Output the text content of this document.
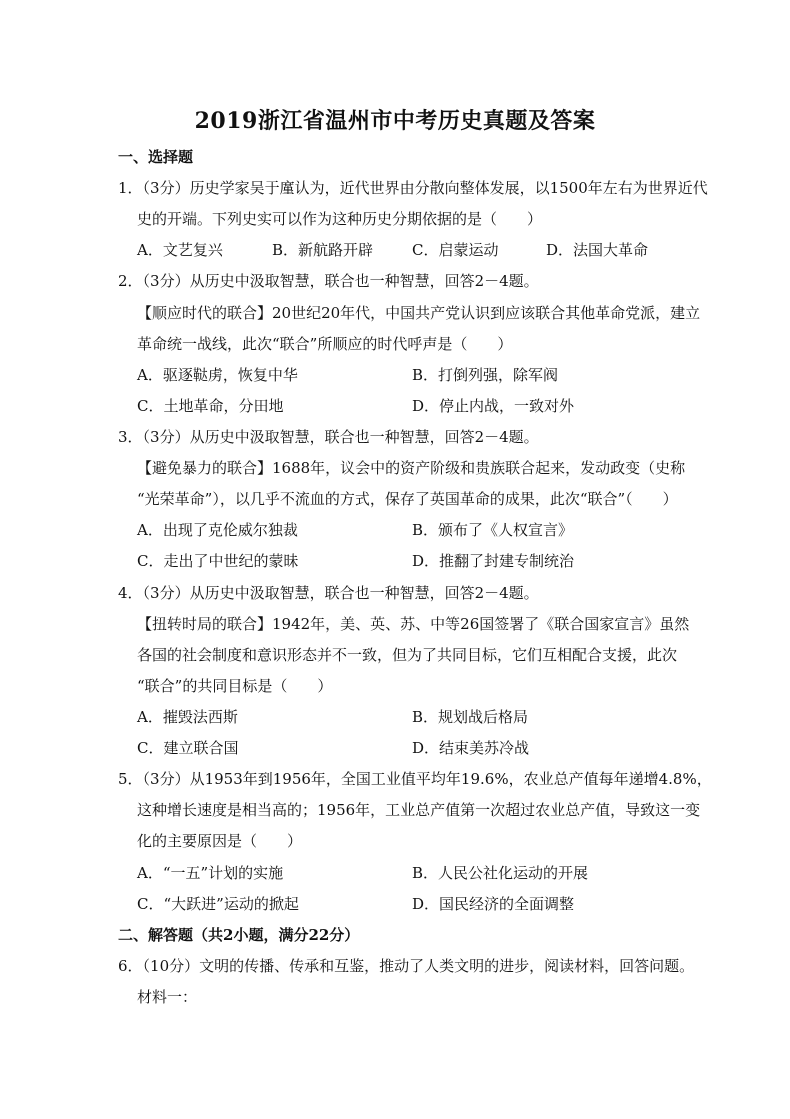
2019浙江省温州市中考历史真题及答案
一、选择题
1．（3分）历史学家吴于廑认为，近代世界由分散向整体发展，以1500年左右为世界近代
史的开端。下列史实可以作为这种历史分期依据的是（　　）
A．文艺复兴	B．新航路开辟	C．启蒙运动	D．法国大革命
2．（3分）从历史中汲取智慧，联合也一种智慧，回答2－4题。
【顺应时代的联合】20世纪20年代，中国共产党认识到应该联合其他革命党派，建立
革命统一战线，此次“联合”所顺应的时代呼声是（　　）
A．驱逐鞑虏，恢复中华	B．打倒列强，除军阀
C．土地革命，分田地	D．停止内战，一致对外
3．（3分）从历史中汲取智慧，联合也一种智慧，回答2－4题。
【避免暴力的联合】1688年，议会中的资产阶级和贵族联合起来，发动政变（史称
“光荣革命”），以几乎不流血的方式，保存了英国革命的成果，此次“联合”（　　）
A．出现了克伦威尔独裁	B．颁布了《人权宣言》
C．走出了中世纪的蒙昧	D．推翻了封建专制统治
4．（3分）从历史中汲取智慧，联合也一种智慧，回答2－4题。
【扭转时局的联合】1942年，美、英、苏、中等26国签署了《联合国家宣言》虽然
各国的社会制度和意识形态并不一致，但为了共同目标，它们互相配合支援，此次
“联合”的共同目标是（　　）
A．摧毁法西斯	B．规划战后格局
C．建立联合国	D．结束美苏冷战
5．（3分）从1953年到1956年，全国工业值平均年19.6%，农业总产值每年递增4.8%，
这种增长速度是相当高的；1956年，工业总产值第一次超过农业总产值，导致这一变
化的主要原因是（　　）
A．“一五”计划的实施	B．人民公社化运动的开展
C．“大跃进”运动的掀起	D．国民经济的全面调整
二、解答题（共2小题，满分22分）
6．（10分）文明的传播、传承和互鉴，推动了人类文明的进步，阅读材料，回答问题。
材料一：
